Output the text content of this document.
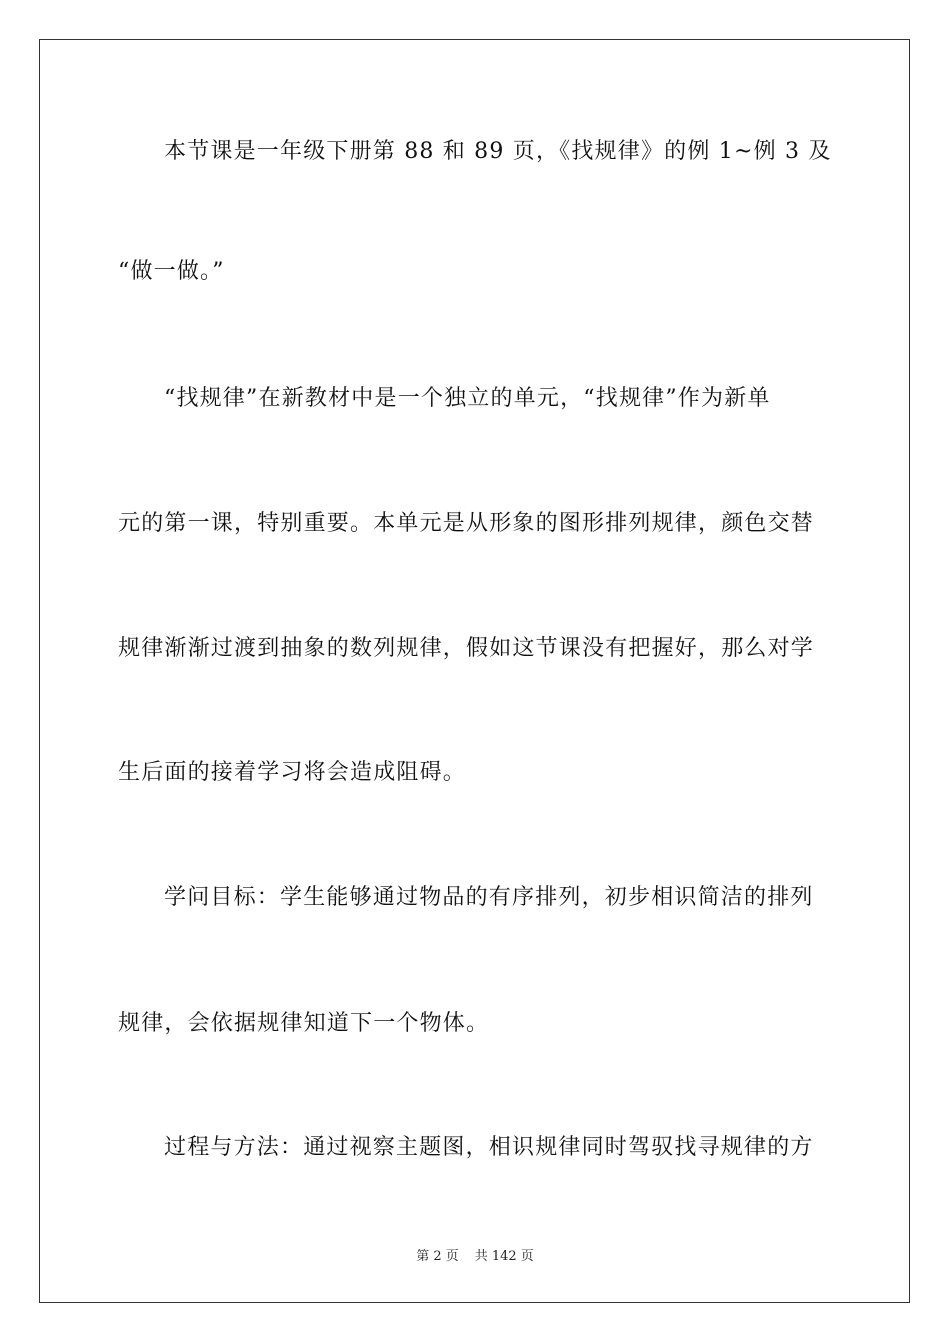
本节课是一年级下册第 88 和 89 页，《找规律》的例 1~例 3 及
“做一做。”
“找规律”在新教材中是一个独立的单元，“找规律”作为新单
元的第一课，特别重要。本单元是从形象的图形排列规律，颜色交替
规律渐渐过渡到抽象的数列规律，假如这节课没有把握好，那么对学
生后面的接着学习将会造成阻碍。
学问目标：学生能够通过物品的有序排列，初步相识简洁的排列
规律，会依据规律知道下一个物体。
过程与方法：通过视察主题图，相识规律同时驾驭找寻规律的方
第 2 页 共 142 页
